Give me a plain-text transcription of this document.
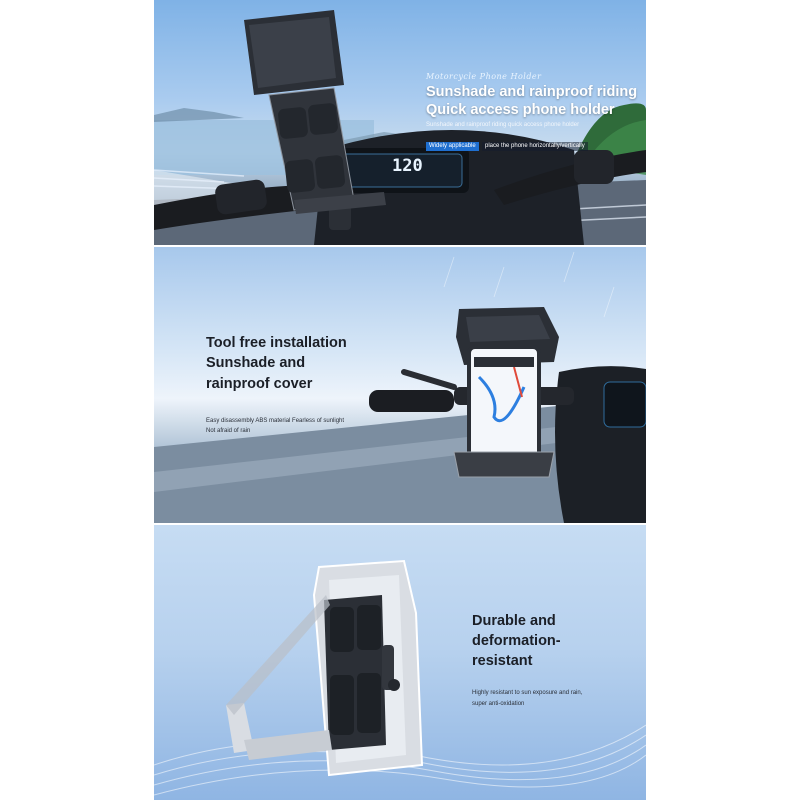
Motorcycle Phone Holder

Sunshade and rainproof riding

Quick access phone holder

Sunshade and rainproof riding quick access phone holder

Widely applicable	place the phone horizontally/vertically
120

Tool free installation

Sunshade and

rainproof cover

Easy disassembly ABS material Fearless of sunlight

Not afraid of rain

Durable and

deformation-

resistant

Highly resistant to sun exposure and rain,

super anti-oxidation
